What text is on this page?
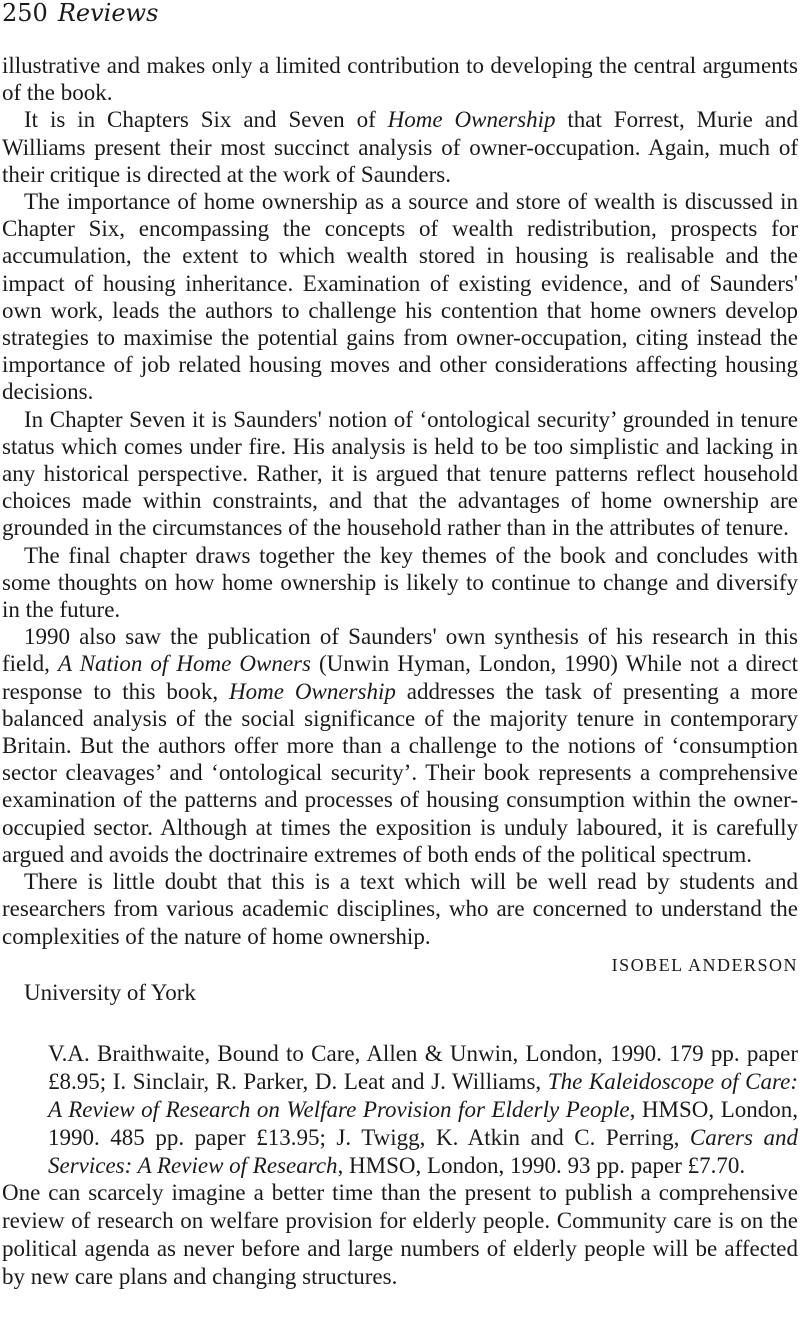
250 Reviews

illustrative and makes only a limited contribution to developing the central arguments of the book.

It is in Chapters Six and Seven of Home Ownership that Forrest, Murie and Williams present their most succinct analysis of owner-occupation. Again, much of their critique is directed at the work of Saunders.

The importance of home ownership as a source and store of wealth is discussed in Chapter Six, encompassing the concepts of wealth redistribution, prospects for accumulation, the extent to which wealth stored in housing is realisable and the impact of housing inheritance. Examination of existing evidence, and of Saunders' own work, leads the authors to challenge his contention that home owners develop strategies to maximise the potential gains from owner-occupation, citing instead the importance of job related housing moves and other considerations affecting housing decisions.

In Chapter Seven it is Saunders' notion of ‘ontological security’ grounded in tenure status which comes under fire. His analysis is held to be too simplistic and lacking in any historical perspective. Rather, it is argued that tenure patterns reflect household choices made within constraints, and that the advantages of home ownership are grounded in the circumstances of the household rather than in the attributes of tenure.

The final chapter draws together the key themes of the book and concludes with some thoughts on how home ownership is likely to continue to change and diversify in the future.

1990 also saw the publication of Saunders' own synthesis of his research in this field, A Nation of Home Owners (Unwin Hyman, London, 1990) While not a direct response to this book, Home Ownership addresses the task of presenting a more balanced analysis of the social significance of the majority tenure in contemporary Britain. But the authors offer more than a challenge to the notions of ‘consumption sector cleavages’ and ‘ontological security’. Their book represents a comprehensive examination of the patterns and processes of housing consumption within the owner-occupied sector. Although at times the exposition is unduly laboured, it is carefully argued and avoids the doctrinaire extremes of both ends of the political spectrum.

There is little doubt that this is a text which will be well read by students and researchers from various academic disciplines, who are concerned to understand the complexities of the nature of home ownership.

ISOBEL ANDERSON

University of York

V.A. Braithwaite, Bound to Care, Allen & Unwin, London, 1990. 179 pp. paper £8.95; I. Sinclair, R. Parker, D. Leat and J. Williams, The Kaleidoscope of Care: A Review of Research on Welfare Provision for Elderly People, HMSO, London, 1990. 485 pp. paper £13.95; J. Twigg, K. Atkin and C. Perring, Carers and Services: A Review of Research, HMSO, London, 1990. 93 pp. paper £7.70.

One can scarcely imagine a better time than the present to publish a comprehensive review of research on welfare provision for elderly people. Community care is on the political agenda as never before and large numbers of elderly people will be affected by new care plans and changing structures.
